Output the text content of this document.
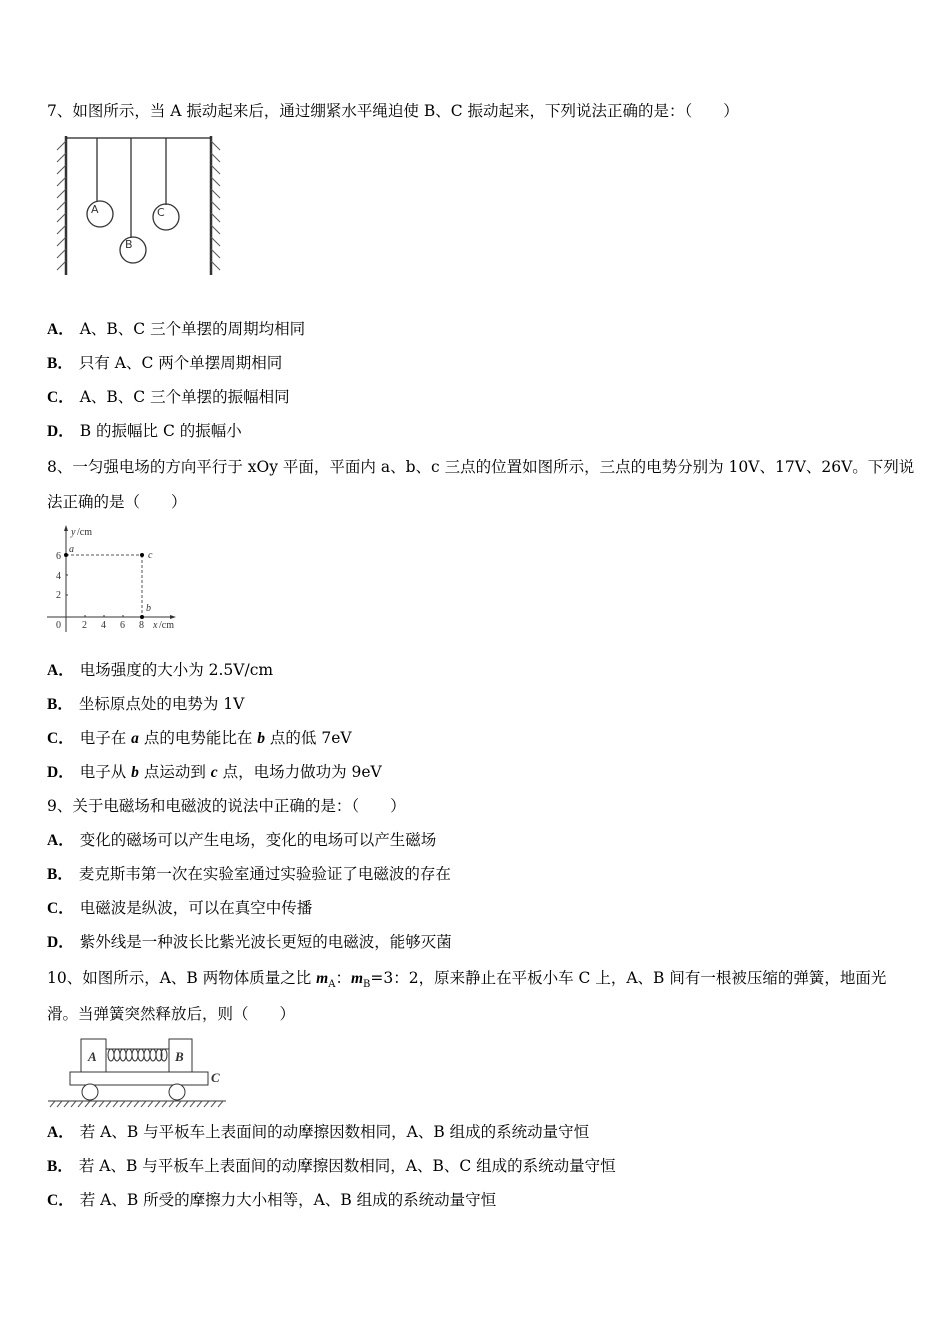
7、如图所示，当 A 振动起来后，通过绷紧水平绳迫使 B、C 振动起来，下列说法正确的是：（　　）
A
B
C
A． A、B、C 三个单摆的周期均相同
B． 只有 A、C 两个单摆周期相同
C． A、B、C 三个单摆的振幅相同
D． B 的振幅比 C 的振幅小
8、一匀强电场的方向平行于 xOy 平面，平面内 a、b、c 三点的位置如图所示，三点的电势分别为 10V、17V、26V。下列说
法正确的是（　　）
y /cm
a
c
b
6
2
4
0 2 4 6 8 x /cm
A． 电场强度的大小为 2.5V/cm
B． 坐标原点处的电势为 1V
C． 电子在 a 点的电势能比在 b 点的低 7eV
D． 电子从 b 点运动到 c 点，电场力做功为 9eV
9、关于电磁场和电磁波的说法中正确的是：（　　）
A． 变化的磁场可以产生电场，变化的电场可以产生磁场
B． 麦克斯韦第一次在实验室通过实验验证了电磁波的存在
C． 电磁波是纵波，可以在真空中传播
D． 紫外线是一种波长比紫光波长更短的电磁波，能够灭菌
10、如图所示，A、B 两物体质量之比 $m_A$：$m_B=3$：2，原来静止在平板小车 C 上，A、B 间有一根被压缩的弹簧，地面光
滑。当弹簧突然释放后，则（　　）
A	B
C
A． 若 A、B 与平板车上表面间的动摩擦因数相同，A、B 组成的系统动量守恒
B． 若 A、B 与平板车上表面间的动摩擦因数相同，A、B、C 组成的系统动量守恒
C． 若 A、B 所受的摩擦力大小相等，A、B 组成的系统动量守恒
